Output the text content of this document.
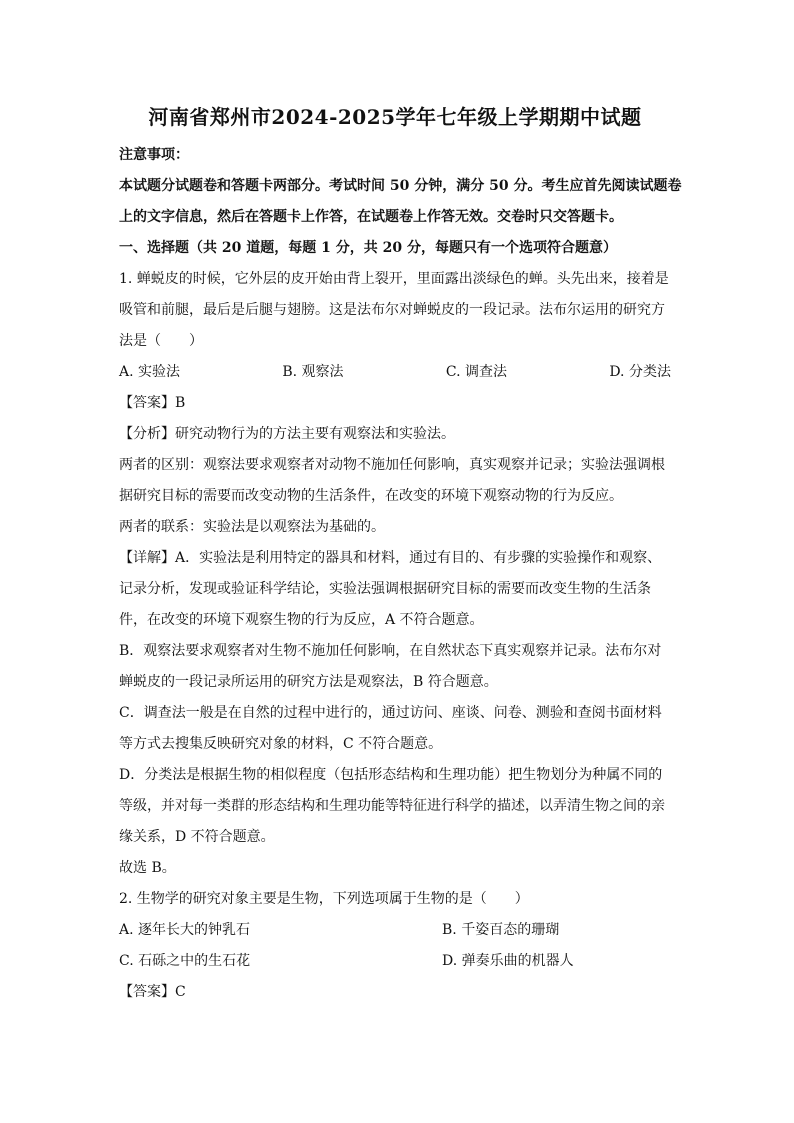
河南省郑州市2024-2025学年七年级上学期期中试题
注意事项：
本试题分试题卷和答题卡两部分。考试时间 50 分钟，满分 50 分。考生应首先阅读试题卷
上的文字信息，然后在答题卡上作答，在试题卷上作答无效。交卷时只交答题卡。
一、选择题（共 20 道题，每题 1 分，共 20 分，每题只有一个选项符合题意）
1. 蝉蜕皮的时候，它外层的皮开始由背上裂开，里面露出淡绿色的蝉。头先出来，接着是
吸管和前腿，最后是后腿与翅膀。这是法布尔对蝉蜕皮的一段记录。法布尔运用的研究方
法是（　　）
A. 实验法	B. 观察法	C. 调查法	D. 分类法
【答案】B
【分析】研究动物行为的方法主要有观察法和实验法。
两者的区别：观察法要求观察者对动物不施加任何影响，真实观察并记录；实验法强调根
据研究目标的需要而改变动物的生活条件，在改变的环境下观察动物的行为反应。
两者的联系：实验法是以观察法为基础的。
【详解】A．实验法是利用特定的器具和材料，通过有目的、有步骤的实验操作和观察、
记录分析，发现或验证科学结论，实验法强调根据研究目标的需要而改变生物的生活条
件，在改变的环境下观察生物的行为反应，A 不符合题意。
B．观察法要求观察者对生物不施加任何影响，在自然状态下真实观察并记录。法布尔对
蝉蜕皮的一段记录所运用的研究方法是观察法，B 符合题意。
C．调查法一般是在自然的过程中进行的，通过访问、座谈、问卷、测验和查阅书面材料
等方式去搜集反映研究对象的材料，C 不符合题意。
D．分类法是根据生物的相似程度（包括形态结构和生理功能）把生物划分为种属不同的
等级，并对每一类群的形态结构和生理功能等特征进行科学的描述，以弄清生物之间的亲
缘关系，D 不符合题意。
故选 B。
2. 生物学的研究对象主要是生物，下列选项属于生物的是（　　）
A. 逐年长大的钟乳石	B. 千姿百态的珊瑚
C. 石砾之中的生石花	D. 弹奏乐曲的机器人
【答案】C
